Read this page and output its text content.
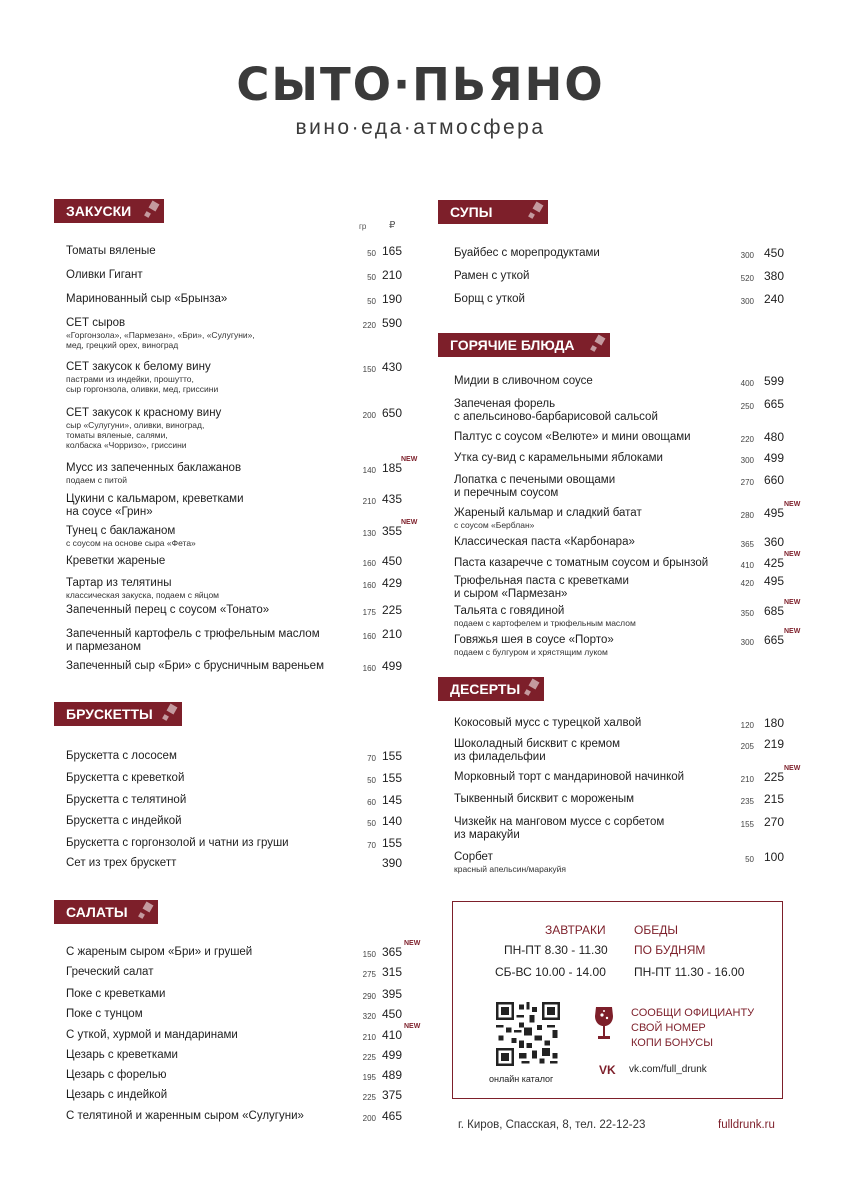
СЫТО·ПЬЯНО
вино·еда·атмосфера
ЗАКУСКИ
гр ₽
Томаты вяленые	50 165
Оливки Гигант	50 210
Маринованный сыр «Брынза»	50 190
СЕТ сыров
«Горгонзола», «Пармезан», «Бри», «Сулугуни»,
мед, грецкий орех, виноград
220 590
СЕТ закусок к белому вину
пастрами из индейки, прошутто,
сыр горгонзола, оливки, мед, гриссини
150 430
СЕТ закусок к красному вину
сыр «Сулугуни», оливки, виноград,
томаты вяленые, салями,
колбаска «Чорризо», гриссини
200 650
Мусс из запеченных баклажанов
подаем с питой
140 185
NEW
Цукини с кальмаром, креветками
на соусе «Грин»
210 435
Тунец с баклажаном
с соусом на основе сыра «Фета»
130 355
NEW
Креветки жареные	160 450
Тартар из телятины
классическая закуска, подаем с яйцом
160 429
Запеченный перец с соусом «Тонато»	175 225
Запеченный картофель с трюфельным маслом
и пармезаном
160 210
Запеченный сыр «Бри» с брусничным вареньем	160 499
БРУСКЕТТЫ
Брускетта с лососем	70 155
Брускетта с креветкой	50 155
Брускетта с телятиной	60 145
Брускетта с индейкой	50 140
Брускетта с горгонзолой и чатни из груши	70 155
Сет из трех брускетт	390
САЛАТЫ
С жареным сыром «Бри» и грушей	150 365
NEW
Греческий салат	275 315
Поке с креветками	290 395
Поке с тунцом	320 450
С уткой, хурмой и мандаринами	210 410
NEW
Цезарь с креветками	225 499
Цезарь с форелью	195 489
Цезарь с индейкой	225 375
С телятиной и жаренным сыром «Сулугуни»	200 465
СУПЫ
Буайбес с морепродуктами	300 450
Рамен с уткой	520 380
Борщ с уткой	300 240
ГОРЯЧИЕ БЛЮДА
Мидии в сливочном соусе	400 599
Запеченая форель
с апельсиново-барбарисовой сальсой
250 665
Палтус с соусом «Велюте» и мини овощами	220 480
Утка су-вид с карамельными яблоками	300 499
Лопатка с печеными овощами
и перечным соусом
270 660
Жареный кальмар и сладкий батат
с соусом «Берблан»
280 495
NEW
Классическая паста «Карбонара»	365 360
Паста казаречче с томатным соусом и брынзой	410 425
NEW
Трюфельная паста с креветками
и сыром «Пармезан»
420 495
Тальята с говядиной
подаем с картофелем и трюфельным маслом
350 685
NEW
Говяжья шея в соусе «Порто»
подаем с булгуром и хрястящим луком
300 665
NEW
ДЕСЕРТЫ
Кокосовый мусс с турецкой халвой	120 180
Шоколадный бисквит с кремом
из филадельфии
205 219
Морковный торт с мандариновой начинкой	210 225
NEW
Тыквенный бисквит с мороженым	235 215
Чизкейк на манговом муссе с сорбетом
из маракуйи
155 270
Сорбет
красный апельсин/маракуйя
50 100
ЗАВТРАКИ
ПН-ПТ 8.30 - 11.30
СБ-ВС 10.00 - 14.00
ОБЕДЫ
ПО БУДНЯМ
ПН-ПТ 11.30 - 16.00
онлайн каталог
СООБЩИ ОФИЦИАНТУ
СВОЙ НОМЕР
КОПИ БОНУСЫ
VK vk.com/full_drunk
г. Киров, Спасская, 8, тел. 22-12-23	fulldrunk.ru
